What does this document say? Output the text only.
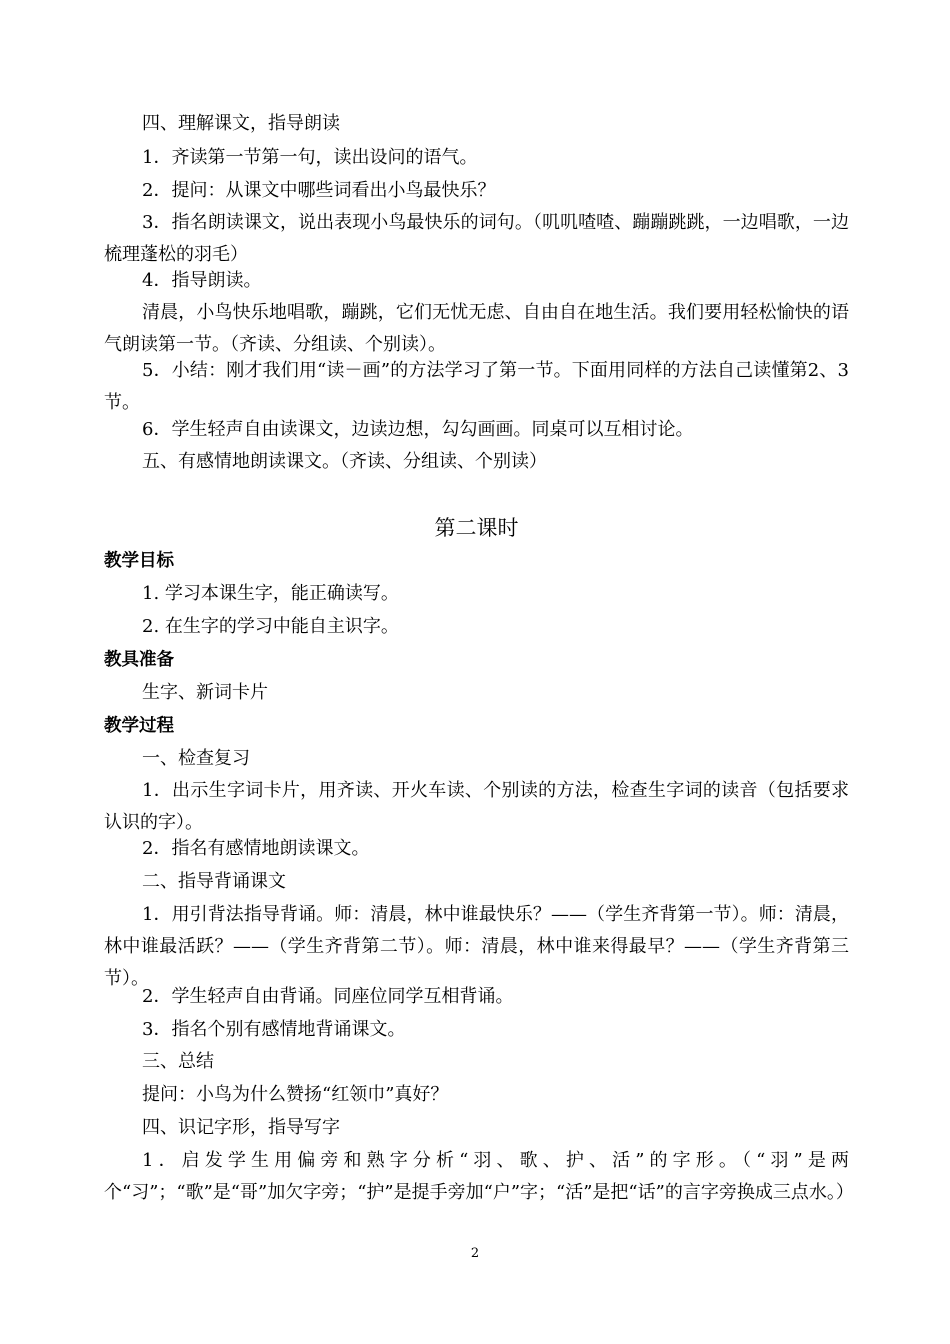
四、理解课文，指导朗读

1．齐读第一节第一句，读出设问的语气。

2．提问：从课文中哪些词看出小鸟最快乐？

3．指名朗读课文，说出表现小鸟最快乐的词句。（叽叽喳喳、蹦蹦跳跳，一边唱歌，一边梳理蓬松的羽毛）

4．指导朗读。

清晨，小鸟快乐地唱歌，蹦跳，它们无忧无虑、自由自在地生活。我们要用轻松愉快的语气朗读第一节。（齐读、分组读、个别读）。

5．小结：刚才我们用“读－画”的方法学习了第一节。下面用同样的方法自己读懂第2、3节。

6．学生轻声自由读课文，边读边想，勾勾画画。同桌可以互相讨论。

五、有感情地朗读课文。（齐读、分组读、个别读）

第二课时

教学目标

1. 学习本课生字，能正确读写。

2. 在生字的学习中能自主识字。

教具准备

生字、新词卡片

教学过程

一、检查复习

1．出示生字词卡片，用齐读、开火车读、个别读的方法，检查生字词的读音（包括要求认识的字）。

2．指名有感情地朗读课文。

二、指导背诵课文

1．用引背法指导背诵。师：清晨，林中谁最快乐？——（学生齐背第一节）。师：清晨，林中谁最活跃？——（学生齐背第二节）。师：清晨，林中谁来得最早？——（学生齐背第三节）。

2．学生轻声自由背诵。同座位同学互相背诵。

3．指名个别有感情地背诵课文。

三、总结

提问：小鸟为什么赞扬“红领巾”真好？

四、识记字形，指导写字

1．启发学生用偏旁和熟字分析“羽、歌、护、活”的字形。（“羽”是两个“习”；“歌”是“哥”加欠字旁；“护”是提手旁加“户”字；“活”是把“话”的言字旁换成三点水。）

2
